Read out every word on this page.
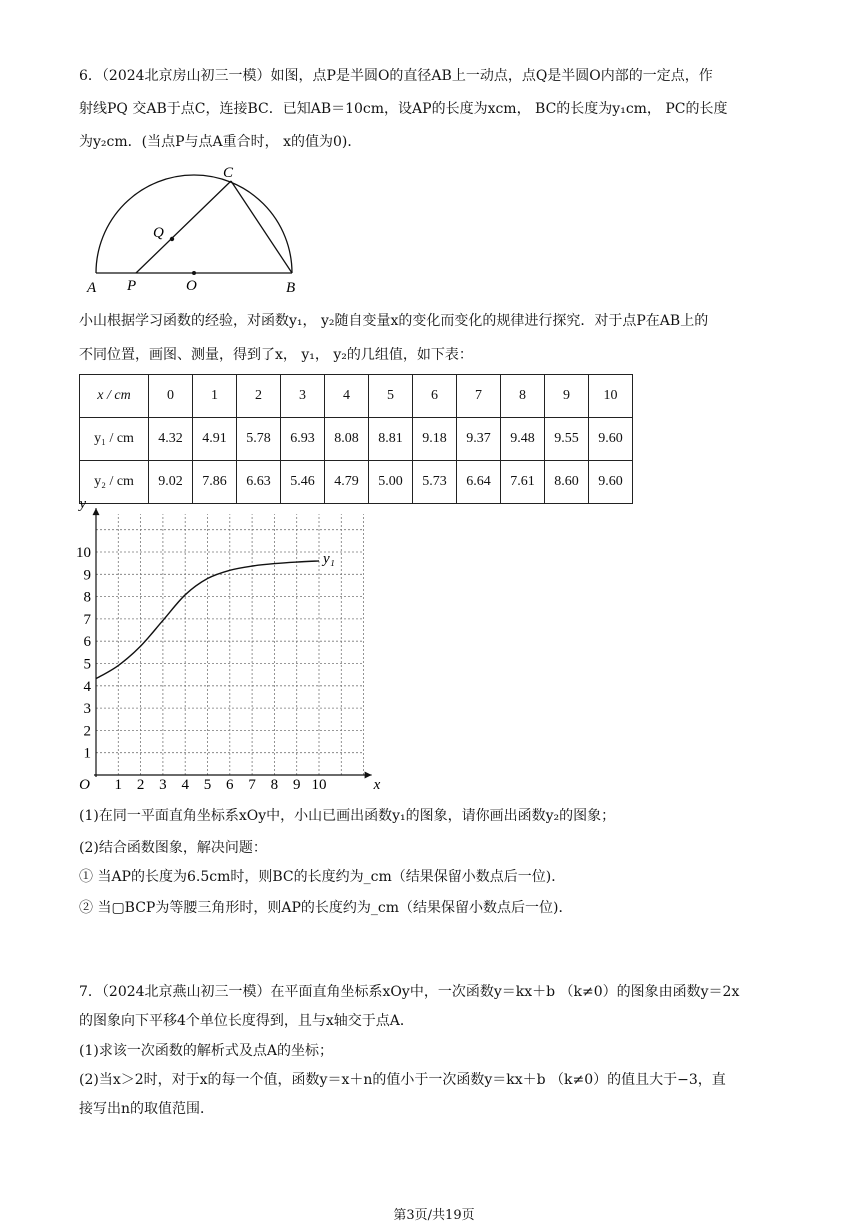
6．（2024北京房山初三一模）如图，点P是半圆O的直径AB上一动点，点Q是半圆O内部的一定点，作
射线PQ 交AB于点C，连接BC．已知AB＝10cm，设AP的长度为xcm， BC的长度为y₁cm， PC的长度
为y₂cm．(当点P与点A重合时， x的值为0)．
A P	O	B
C
Q
小山根据学习函数的经验，对函数y₁， y₂随自变量x的变化而变化的规律进行探究．对于点P在AB上的
不同位置，画图、测量，得到了x， y₁， y₂的几组值，如下表：
x / cm	0	1	2	3	4	5	6	7	8	9	10
y₁ / cm	4.32	4.91	5.78	6.93	8.08	8.81	9.18	9.37	9.48	9.55	9.60
y₂ / cm	9.02	7.86	6.63	5.46	4.79	5.00	5.73	6.64	7.61	8.60	9.60
1 2 3 4 5 6 7 8 9 10
1
2
3
4
5
6
7
8
9
10
O	x
y
y₁
(1)在同一平面直角坐标系xOy中，小山已画出函数y₁的图象，请你画出函数y₂的图象；
(2)结合函数图象，解决问题：
① 当AP的长度为6.5cm时，则BC的长度约为_cm（结果保留小数点后一位)．
② 当▢BCP为等腰三角形时，则AP的长度约为_cm（结果保留小数点后一位)．
7．（2024北京燕山初三一模）在平面直角坐标系xOy中，一次函数y＝kx＋b （k≠0）的图象由函数y＝2x
的图象向下平移4个单位长度得到，且与x轴交于点A．
(1)求该一次函数的解析式及点A的坐标；
(2)当x＞2时，对于x的每一个值，函数y＝x＋n的值小于一次函数y＝kx＋b （k≠0）的值且大于−3，直
接写出n的取值范围．
第3页/共19页
